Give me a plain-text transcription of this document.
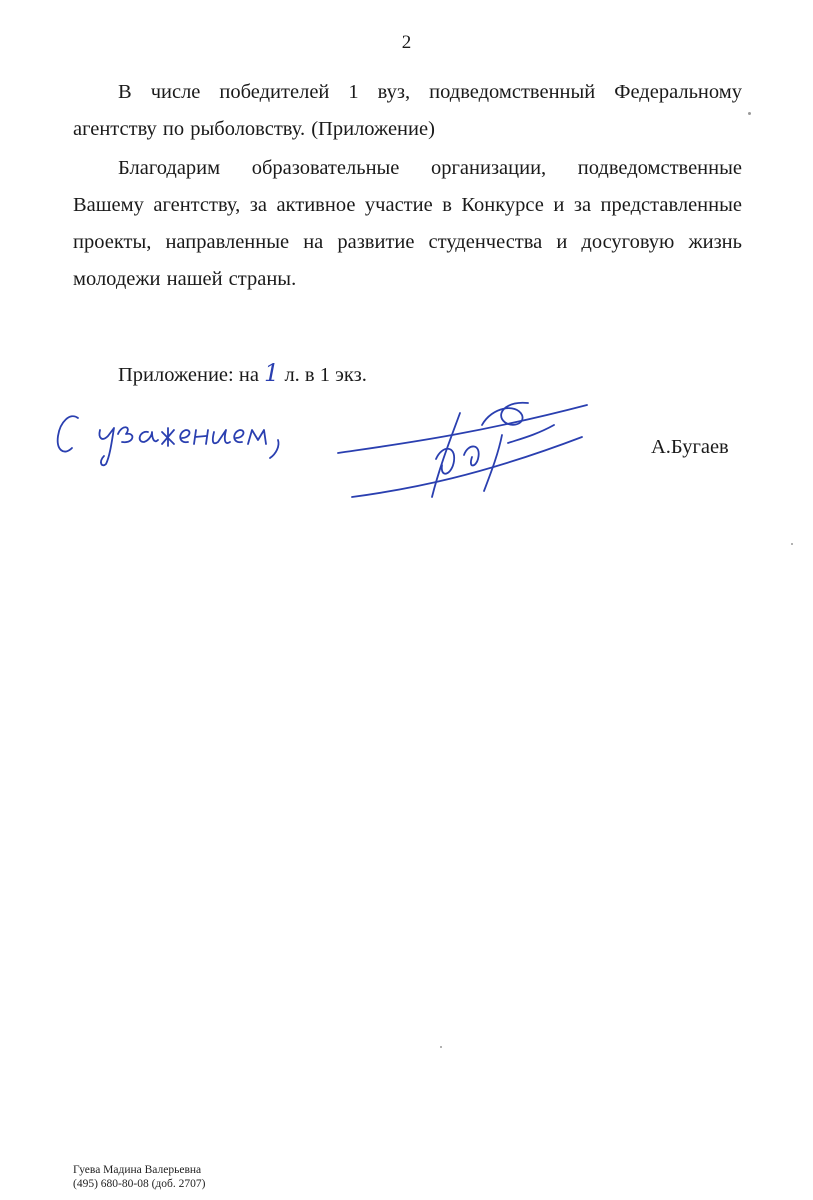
2

В числе победителей 1 вуз, подведомственный Федеральному агентству по рыболовству. (Приложение)

Благодарим образовательные организации, подведомственные Вашему агентству, за активное участие в Конкурсе и за представленные проекты, направленные на развитие студенчества и досуговую жизнь молодежи нашей страны.

Приложение: на 1 л. в 1 экз.
А.Бугаев
Гуева Мадина Валерьевна
(495) 680-80-08 (доб. 2707)
